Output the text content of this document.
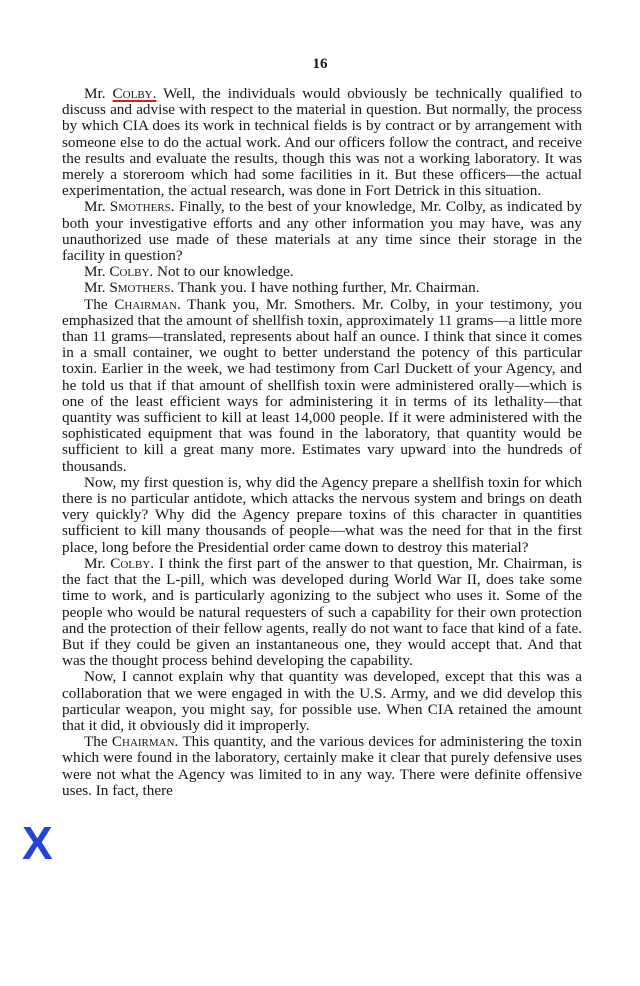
16

Mr. Colby. Well, the individuals would obviously be technically qualified to discuss and advise with respect to the material in question. But normally, the process by which CIA does its work in technical fields is by contract or by arrangement with someone else to do the actual work. And our officers follow the contract, and receive the results and evaluate the results, though this was not a working laboratory. It was merely a storeroom which had some facilities in it. But these officers—the actual experimentation, the actual research, was done in Fort Detrick in this situation.

Mr. Smothers. Finally, to the best of your knowledge, Mr. Colby, as indicated by both your investigative efforts and any other information you may have, was any unauthorized use made of these materials at any time since their storage in the facility in question?

Mr. Colby. Not to our knowledge.

Mr. Smothers. Thank you. I have nothing further, Mr. Chairman.

The Chairman. Thank you, Mr. Smothers. Mr. Colby, in your testimony, you emphasized that the amount of shellfish toxin, approximately 11 grams—a little more than 11 grams—translated, represents about half an ounce. I think that since it comes in a small container, we ought to better understand the potency of this particular toxin. Earlier in the week, we had testimony from Carl Duckett of your Agency, and he told us that if that amount of shellfish toxin were administered orally—which is one of the least efficient ways for administering it in terms of its lethality—that quantity was sufficient to kill at least 14,000 people. If it were administered with the sophisticated equipment that was found in the laboratory, that quantity would be sufficient to kill a great many more. Estimates vary upward into the hundreds of thousands.

Now, my first question is, why did the Agency prepare a shellfish toxin for which there is no particular antidote, which attacks the nervous system and brings on death very quickly? Why did the Agency prepare toxins of this character in quantities sufficient to kill many thousands of people—what was the need for that in the first place, long before the Presidential order came down to destroy this material?

Mr. Colby. I think the first part of the answer to that question, Mr. Chairman, is the fact that the L-pill, which was developed during World War II, does take some time to work, and is particularly agonizing to the subject who uses it. Some of the people who would be natural requesters of such a capability for their own protection and the protection of their fellow agents, really do not want to face that kind of a fate. But if they could be given an instantaneous one, they would accept that. And that was the thought process behind developing the capability.

Now, I cannot explain why that quantity was developed, except that this was a collaboration that we were engaged in with the U.S. Army, and we did develop this particular weapon, you might say, for possible use. When CIA retained the amount that it did, it obviously did it improperly.

The Chairman. This quantity, and the various devices for administering the toxin which were found in the laboratory, certainly make it clear that purely defensive uses were not what the Agency was limited to in any way. There were definite offensive uses. In fact, there

X
